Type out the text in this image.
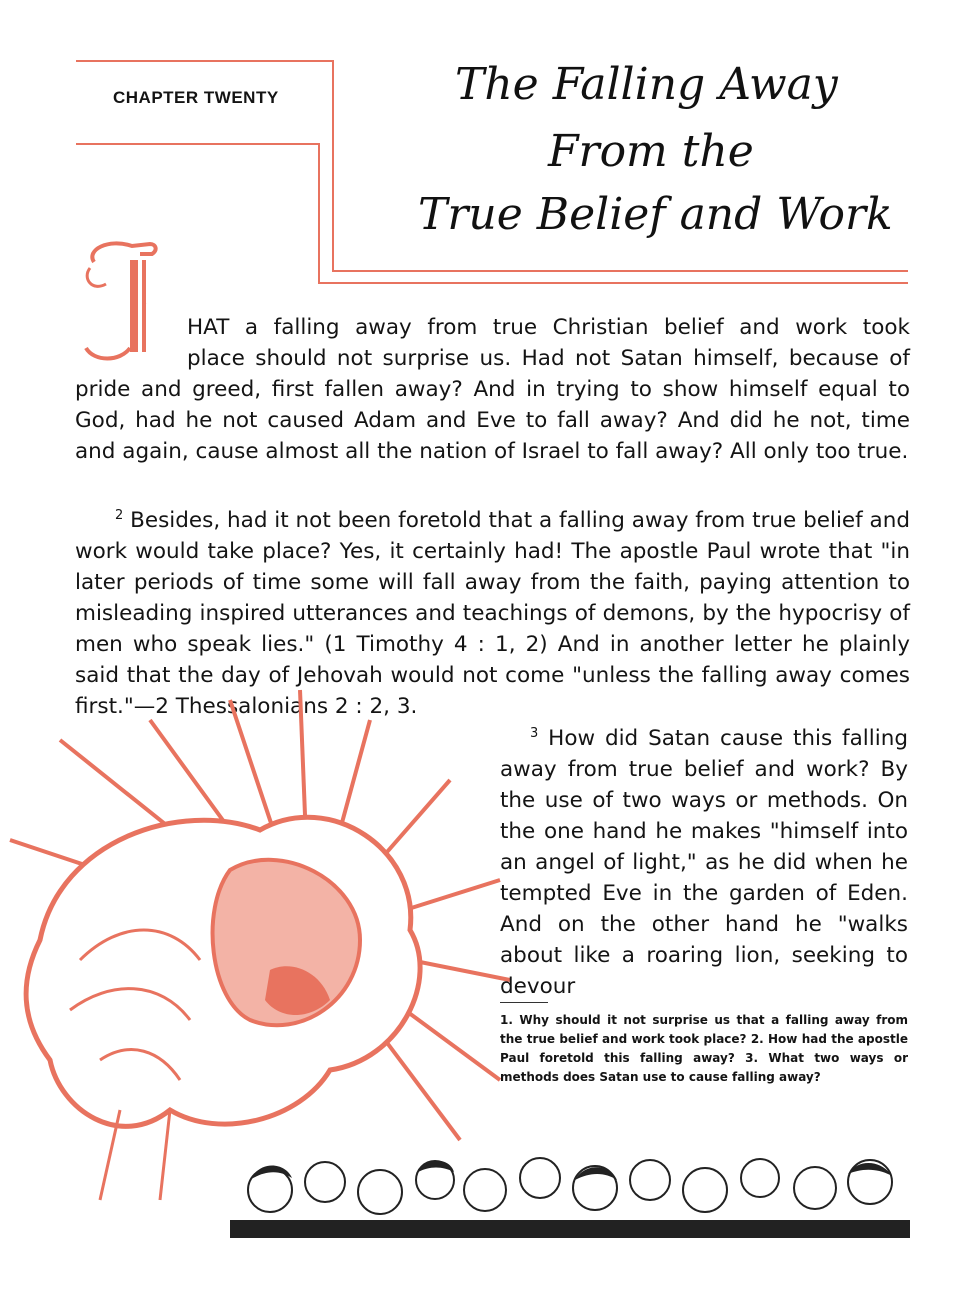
CHAPTER TWENTY	The Falling Away
From the
True Belief and Work
T

HAT a falling away from true Christian belief and work took
place should not surprise us. Had not Satan himself, because of
pride and greed, first fallen away? And in trying to show himself equal to God, had he not caused Adam and Eve to fall away? And did he not, time and again, cause almost all the nation of Israel to fall away? All only too true.

$^2$ Besides, had it not been foretold that a falling away from true belief and work would take place? Yes, it certainly had! The apostle Paul wrote that "in later periods of time some will fall away from the faith, paying attention to misleading inspired utterances and teachings of demons, by the hypocrisy of men who speak lies." (1 Timothy 4 : 1, 2) And in another letter he plainly said that the day of Jehovah would not come "unless the falling away comes first."—2 Thessalonians 2 : 2, 3.

$^3$ How did Satan cause this falling away from true belief and work? By the use of two ways or methods. On the one hand he makes "himself into an angel of light," as he did when he tempted Eve in the garden of Eden. And on the other hand he "walks about like a roaring lion, seeking to devour

1. Why should it not surprise us that a falling away from the true belief and work took place? 2. How had the apostle Paul foretold this falling away? 3. What two ways or methods does Satan use to cause falling away?
